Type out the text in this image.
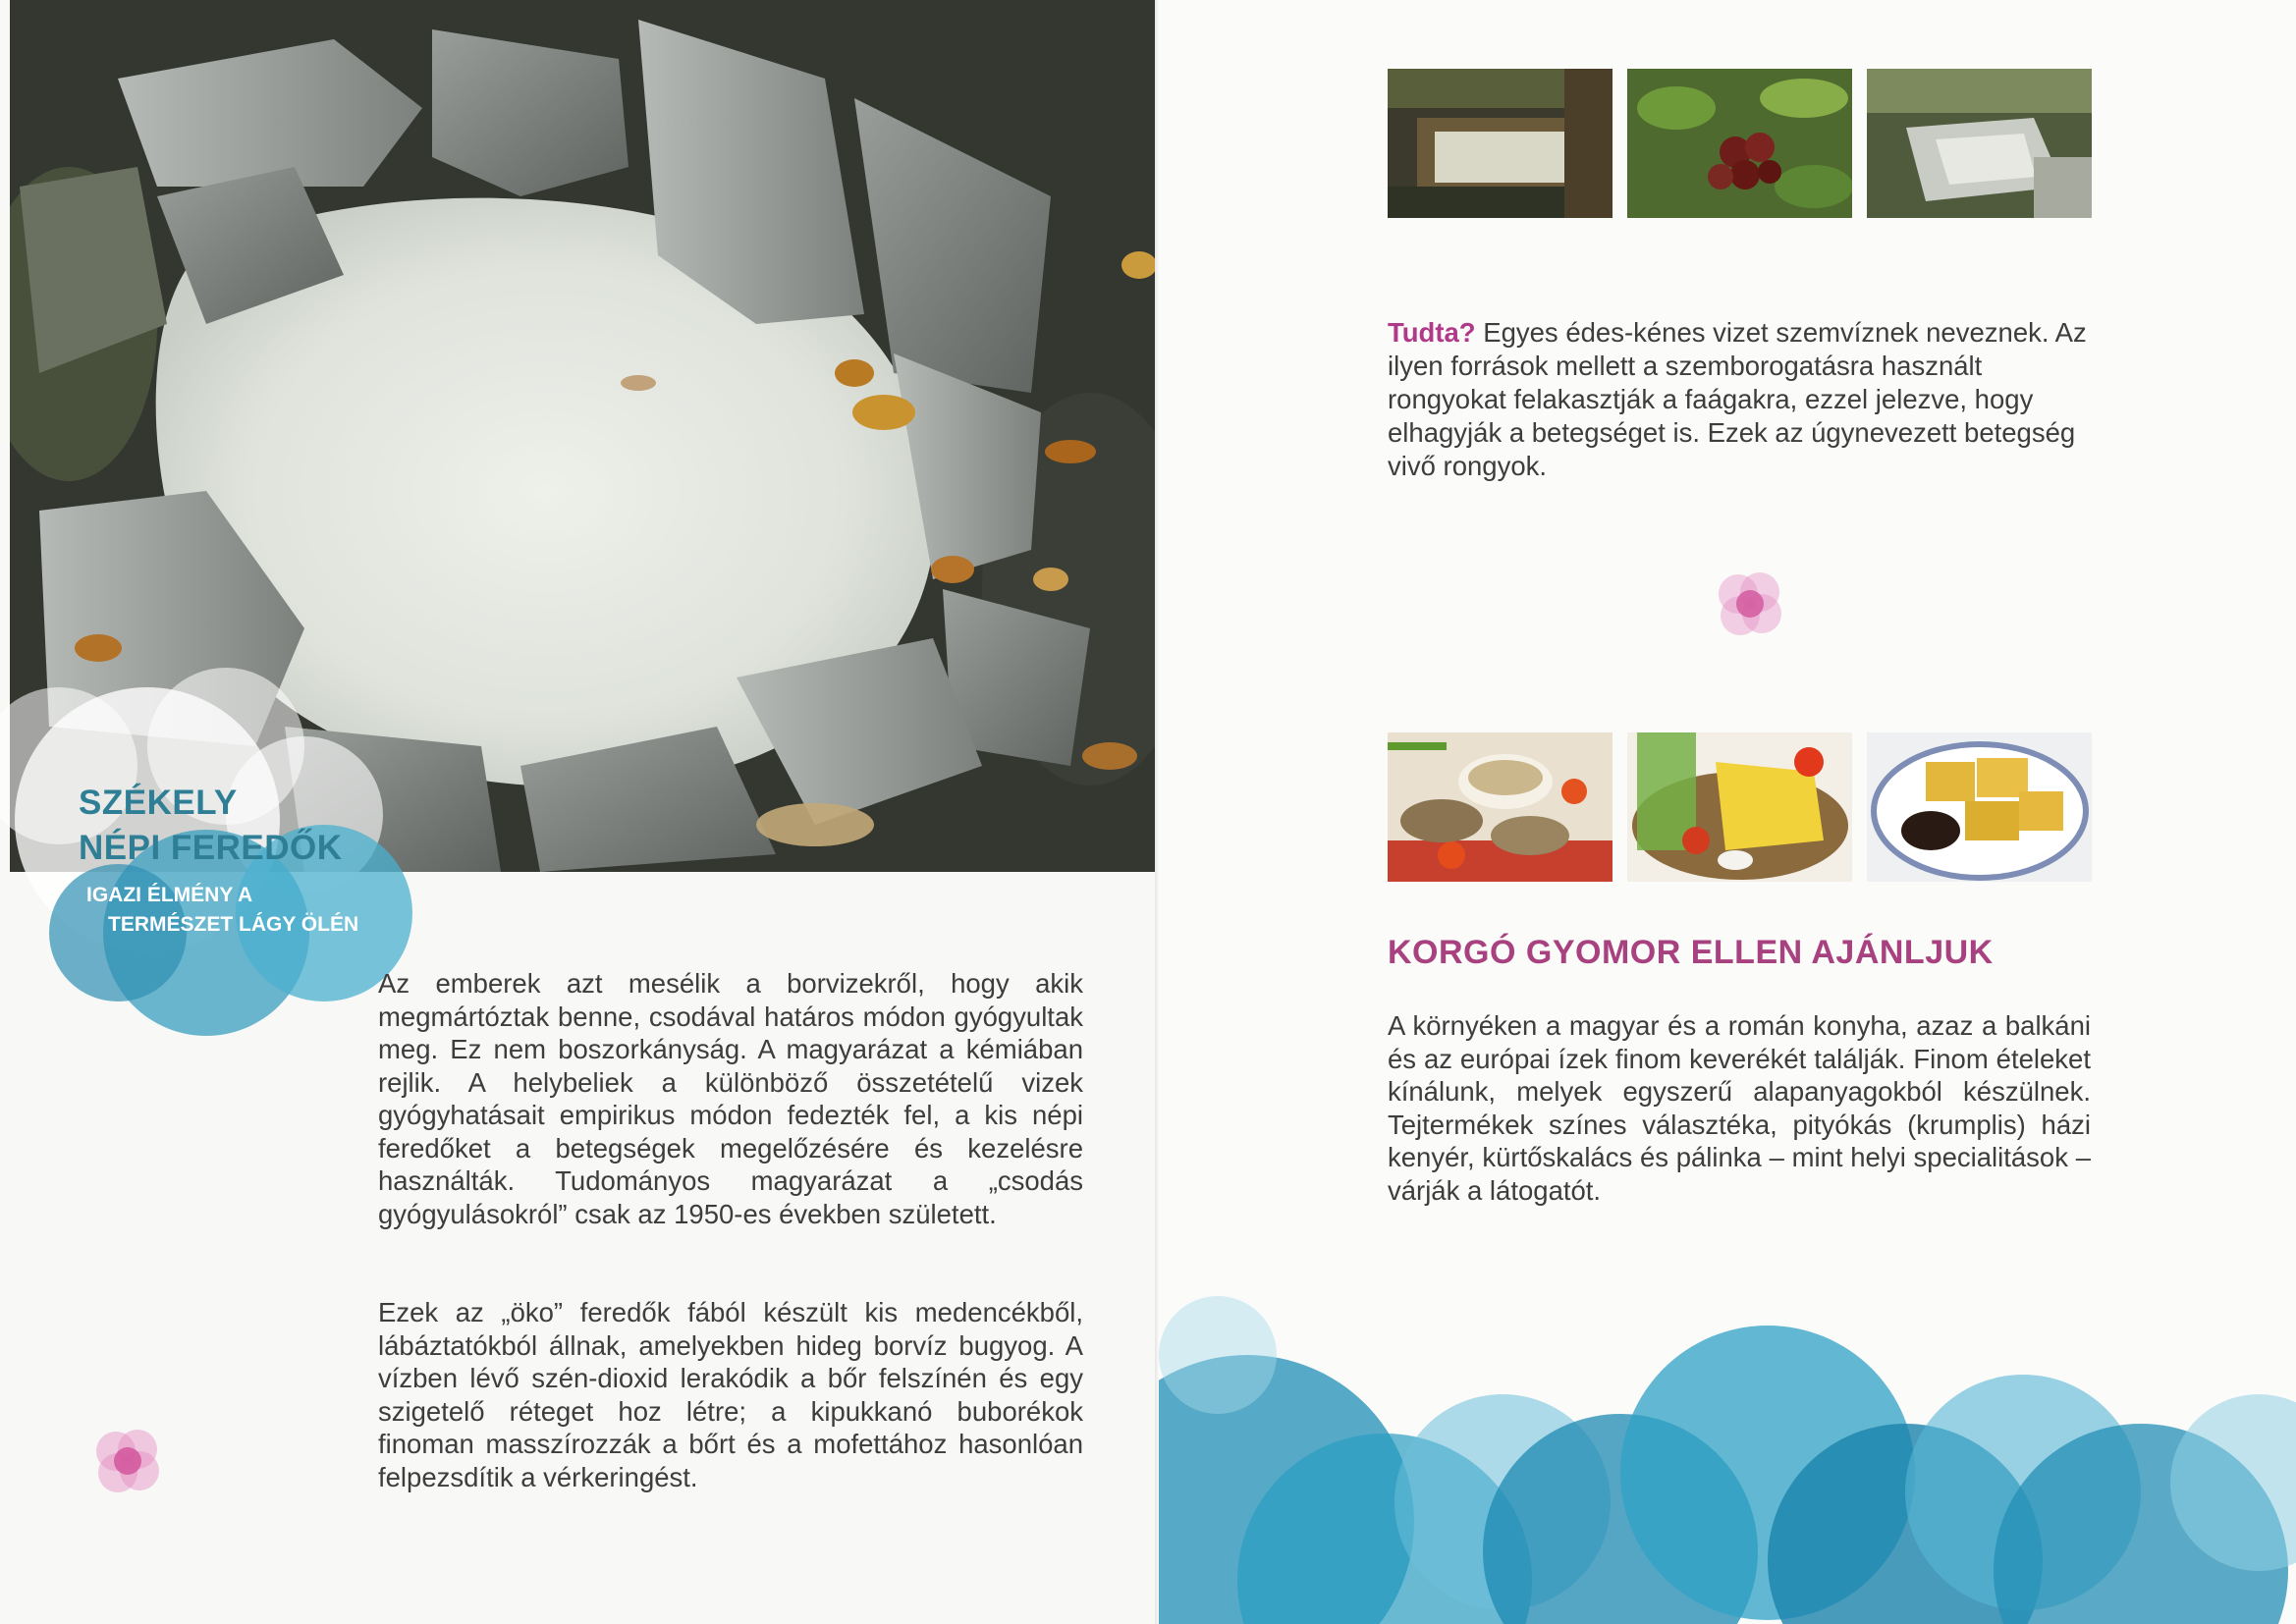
SZÉKELY
NÉPI FEREDŐK
IGAZI ÉLMÉNY A
TERMÉSZET LÁGY ÖLÉN

Az emberek azt mesélik a borvizekről, hogy akik megmártóztak benne, csodával határos módon gyógyultak meg. Ez nem boszorkányság. A magyarázat a kémiában rejlik. A helybeliek a különböző összetételű vizek gyógyhatásait empirikus módon fedezték fel, a kis népi feredőket a betegségek megelőzésére és kezelésre használták. Tudományos magyarázat a „csodás gyógyulásokról” csak az 1950-es években született.

Ezek az „öko” feredők fából készült kis medencékből, lábáztatókból állnak, amelyekben hideg borvíz bugyog. A vízben lévő szén-dioxid lerakódik a bőr felszínén és egy szigetelő réteget hoz létre; a kipukkanó buborékok finoman masszírozzák a bőrt és a mofettához hasonlóan felpezsdítik a vérkeringést.

Tudta? Egyes édes-kénes vizet szemvíznek neveznek. Az ilyen források mellett a szemborogatásra használt rongyokat felakasztják a faágakra, ezzel jelezve, hogy elhagyják a betegséget is. Ezek az úgynevezett betegség vivő rongyok.
KORGÓ GYOMOR ELLEN AJÁNLJUK

A környéken a magyar és a román konyha, azaz a balkáni és az európai ízek finom keverékét találják. Finom ételeket kínálunk, melyek egyszerű alapanyagokból készülnek. Tejtermékek színes választéka, pityókás (krumplis) házi kenyér, kürtőskalács és pálinka – mint helyi specialitások – várják a látogatót.
